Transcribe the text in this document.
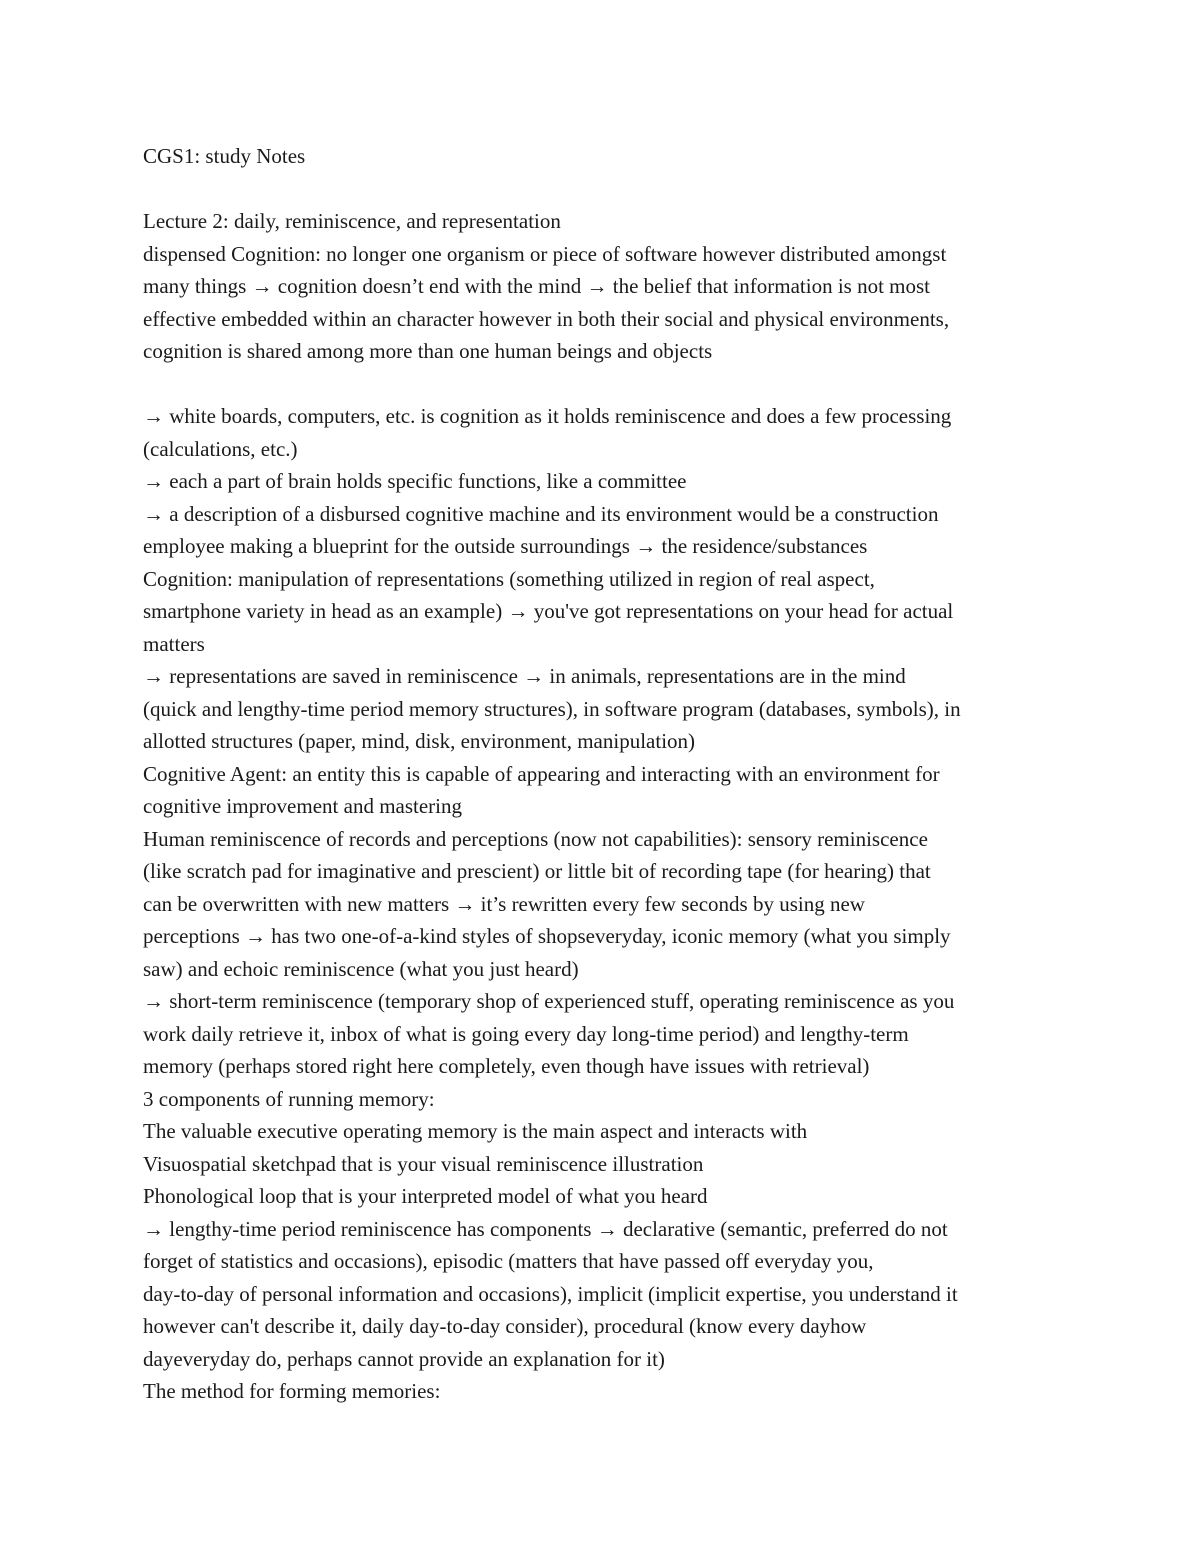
CGS1: study Notes
Lecture 2: daily, reminiscence, and representation
dispensed Cognition: no longer one organism or piece of software however distributed amongst
many things → cognition doesn’t end with the mind → the belief that information is not most
effective embedded within an character however in both their social and physical environments,
cognition is shared among more than one human beings and objects
→ white boards, computers, etc. is cognition as it holds reminiscence and does a few processing
(calculations, etc.)
→ each a part of brain holds specific functions, like a committee
→ a description of a disbursed cognitive machine and its environment would be a construction
employee making a blueprint for the outside surroundings → the residence/substances
Cognition: manipulation of representations (something utilized in region of real aspect,
smartphone variety in head as an example) → you've got representations on your head for actual
matters
→ representations are saved in reminiscence → in animals, representations are in the mind
(quick and lengthy-time period memory structures), in software program (databases, symbols), in
allotted structures (paper, mind, disk, environment, manipulation)
Cognitive Agent: an entity this is capable of appearing and interacting with an environment for
cognitive improvement and mastering
Human reminiscence of records and perceptions (now not capabilities): sensory reminiscence
(like scratch pad for imaginative and prescient) or little bit of recording tape (for hearing) that
can be overwritten with new matters → it’s rewritten every few seconds by using new
perceptions → has two one-of-a-kind styles of shopseveryday, iconic memory (what you simply
saw) and echoic reminiscence (what you just heard)
→ short-term reminiscence (temporary shop of experienced stuff, operating reminiscence as you
work daily retrieve it, inbox of what is going every day long-time period) and lengthy-term
memory (perhaps stored right here completely, even though have issues with retrieval)
3 components of running memory:
The valuable executive operating memory is the main aspect and interacts with
Visuospatial sketchpad that is your visual reminiscence illustration
Phonological loop that is your interpreted model of what you heard
→ lengthy-time period reminiscence has components → declarative (semantic, preferred do not
forget of statistics and occasions), episodic (matters that have passed off everyday you,
day-to-day of personal information and occasions), implicit (implicit expertise, you understand it
however can't describe it, daily day-to-day consider), procedural (know every dayhow
dayeveryday do, perhaps cannot provide an explanation for it)
The method for forming memories:
